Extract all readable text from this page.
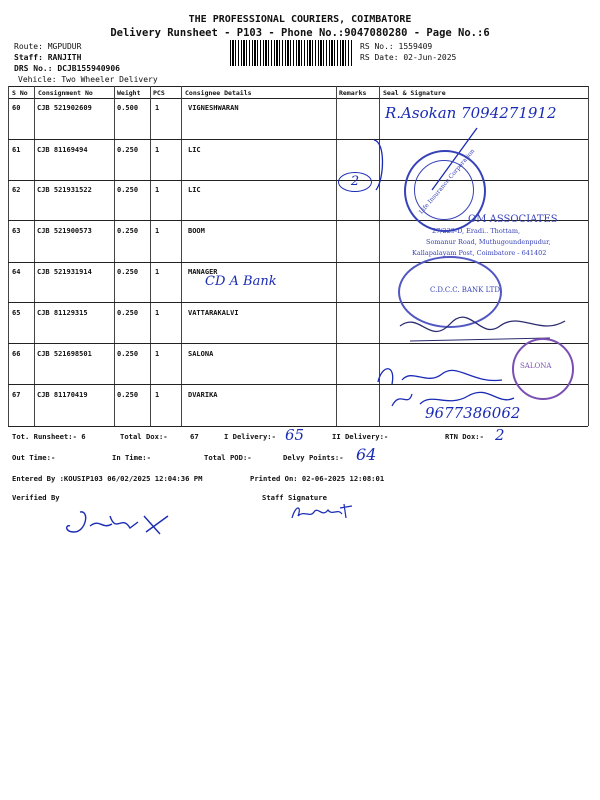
THE PROFESSIONAL COURIERS, COIMBATORE
Delivery Runsheet - P103 - Phone No.:9047080280 - Page No.:6
Route: MGPUDUR
Staff: RANJITH
DRS No.: DCJB155940906
Vehicle: Two Wheeler Delivery
RS No.: 1559409
RS Date: 02-Jun-2025
S No Consignment No	Weight PCS	Consignee Details	Remarks	Seal & Signature
60 CJB 521902609	0.500 1	VIGNESHWARAN
61 CJB 81169494	0.250 1	LIC
62 CJB 521931522	0.250 1	LIC
63 CJB 521900573	0.250 1	BOOM
64 CJB 521931914	0.250 1	MANAGER
65 CJB 81129315	0.250 1	VATTARAKALVI
66 CJB 521698501	0.250 1	SALONA
67 CJB 81170419	0.250 1	DVARIKA
R.Asokan 7094271912
2	Life Insurance Corporation
OM ASSOCIATES
27/229-D, Eradi.. Thottam,
Somanur Road, Muthugoundenpudur,
Kallapalayam Post, Coimbatore - 641402
CD A Bank
C.D.C.C. BANK LTD.
SALONA
9677386062
Tot. Runsheet:- 6	Total Dox:-	67	I Delivery:- 65	II Delivery:-	RTN Dox:- 2
Out Time:-	In Time:-	Total POD:-	Delvy Points:- 64
Entered By :KOUSIP103 06/02/2025 12:04:36 PM	Printed On: 02-06-2025 12:08:01
Verified By	Staff Signature
